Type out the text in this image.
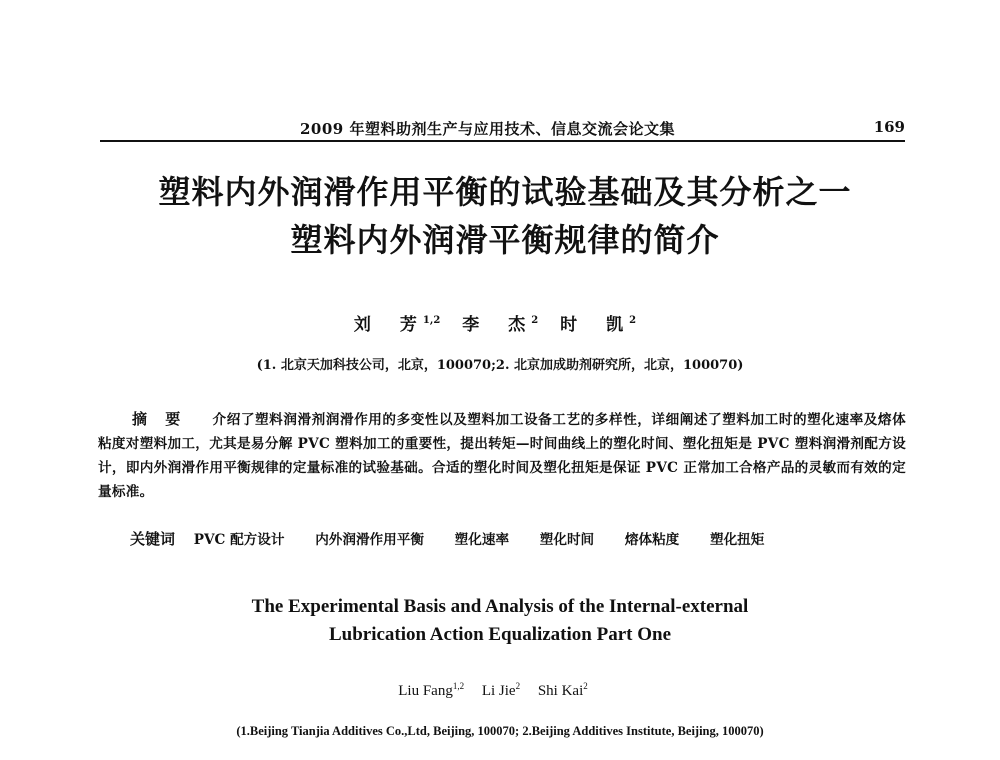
2009 年塑料助剂生产与应用技术、信息交流会论文集	169
塑料内外润滑作用平衡的试验基础及其分析之一
塑料内外润滑平衡规律的简介
刘　芳$^{1,2}$ 李　杰$^2$ 时　凯$^2$
(1. 北京天加科技公司，北京，100070;2. 北京加成助剂研究所，北京，100070)
摘要 介绍了塑料润滑剂润滑作用的多变性以及塑料加工设备工艺的多样性，详细阐述了塑料加工时的塑化速率及熔体粘度对塑料加工，尤其是易分解 PVC 塑料加工的重要性，提出转矩—时间曲线上的塑化时间、塑化扭矩是 PVC 塑料润滑剂配方设计，即内外润滑作用平衡规律的定量标准的试验基础。合适的塑化时间及塑化扭矩是保证 PVC 正常加工合格产品的灵敏而有效的定量标准。
关键词 PVC 配方设计 内外润滑作用平衡 塑化速率 塑化时间 熔体粘度 塑化扭矩
The Experimental Basis and Analysis of the Internal-external
Lubrication Action Equalization Part One
Liu Fang$^{1,2}$ Li Jie$^2$ Shi Kai$^2$
(1.Beijing Tianjia Additives Co.,Ltd, Beijing, 100070; 2.Beijing Additives Institute, Beijing, 100070)
